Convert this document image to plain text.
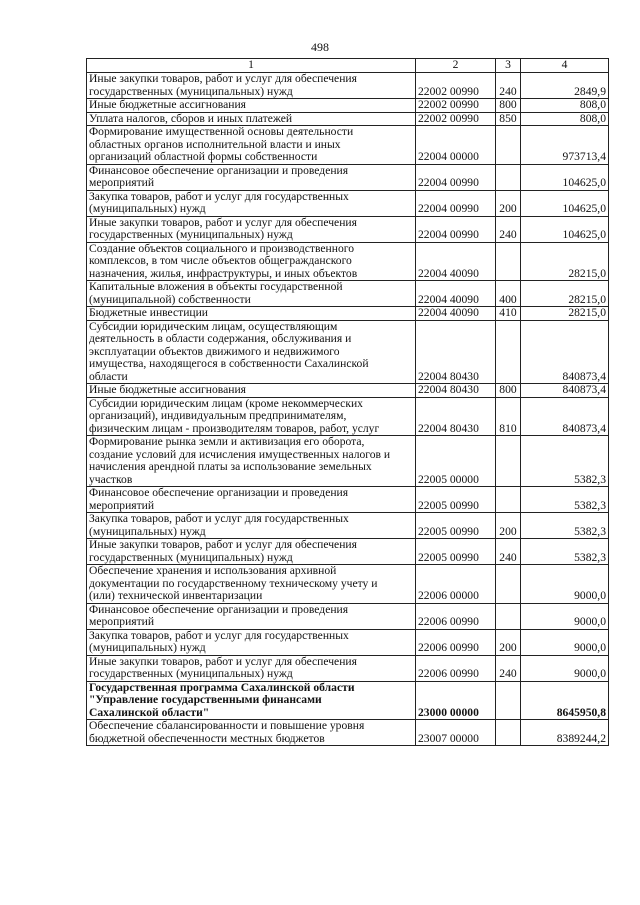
498
1	2	3	4
Иные закупки товаров, работ и услуг для обеспечения
государственных (муниципальных) нужд	22002 00990	240	2849,9
Иные бюджетные ассигнования	22002 00990	800	808,0
Уплата налогов, сборов и иных платежей	22002 00990	850	808,0
Формирование имущественной основы деятельности
областных органов исполнительной власти и иных
организаций областной формы собственности	22004 00000		973713,4
Финансовое обеспечение организации и проведения
мероприятий	22004 00990		104625,0
Закупка товаров, работ и услуг для государственных
(муниципальных) нужд	22004 00990	200	104625,0
Иные закупки товаров, работ и услуг для обеспечения
государственных (муниципальных) нужд	22004 00990	240	104625,0
Создание объектов социального и производственного
комплексов, в том числе объектов общегражданского
назначения, жилья, инфраструктуры, и иных объектов	22004 40090		28215,0
Капитальные вложения в объекты государственной
(муниципальной) собственности	22004 40090	400	28215,0
Бюджетные инвестиции	22004 40090	410	28215,0
Субсидии юридическим лицам, осуществляющим
деятельность в области содержания, обслуживания и
эксплуатации объектов движимого и недвижимого
имущества, находящегося в собственности Сахалинской
области	22004 80430		840873,4
Иные бюджетные ассигнования	22004 80430	800	840873,4
Субсидии юридическим лицам (кроме некоммерческих
организаций), индивидуальным предпринимателям,
физическим лицам - производителям товаров, работ, услуг	22004 80430	810	840873,4
Формирование рынка земли и активизация его оборота,
создание условий для исчисления имущественных налогов и
начисления арендной платы за использование земельных
участков	22005 00000		5382,3
Финансовое обеспечение организации и проведения
мероприятий	22005 00990		5382,3
Закупка товаров, работ и услуг для государственных
(муниципальных) нужд	22005 00990	200	5382,3
Иные закупки товаров, работ и услуг для обеспечения
государственных (муниципальных) нужд	22005 00990	240	5382,3
Обеспечение хранения и использования архивной
документации по государственному техническому учету и
(или) технической инвентаризации	22006 00000		9000,0
Финансовое обеспечение организации и проведения
мероприятий	22006 00990		9000,0
Закупка товаров, работ и услуг для государственных
(муниципальных) нужд	22006 00990	200	9000,0
Иные закупки товаров, работ и услуг для обеспечения
государственных (муниципальных) нужд	22006 00990	240	9000,0
Государственная программа Сахалинской области
"Управление государственными финансами
Сахалинской области"	23000 00000		8645950,8
Обеспечение сбалансированности и повышение уровня
бюджетной обеспеченности местных бюджетов	23007 00000		8389244,2
